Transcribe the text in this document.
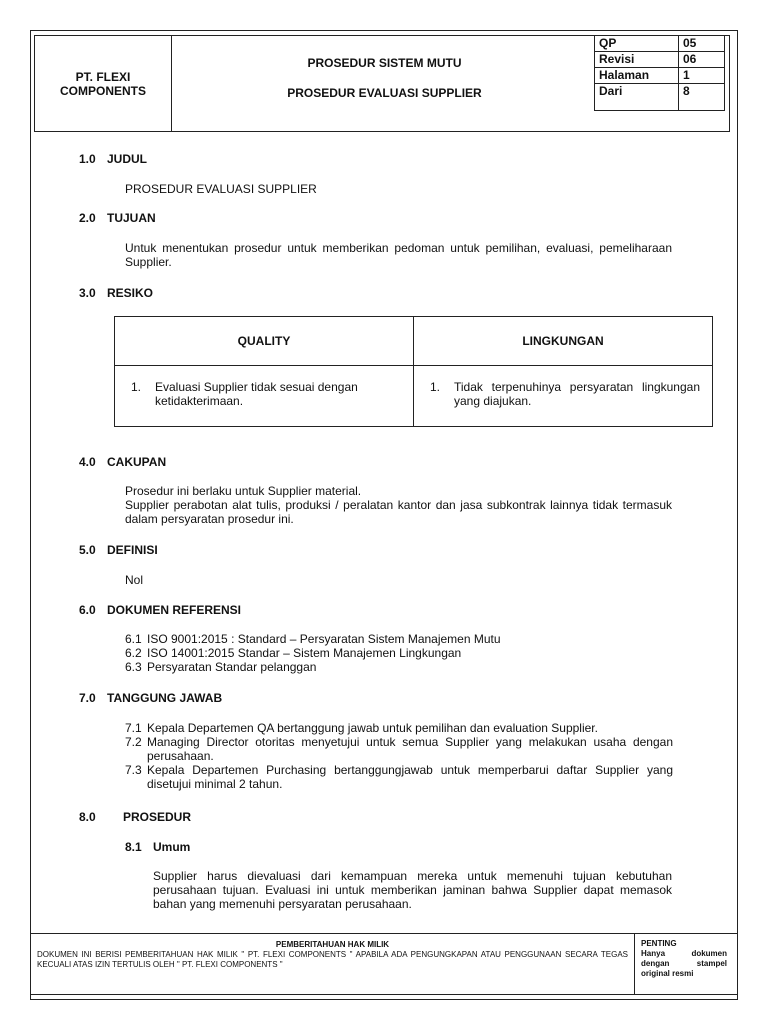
PT. FLEXI
COMPONENTS
PROSEDUR SISTEM MUTU
PROSEDUR EVALUASI SUPPLIER
QP	05
Revisi	06
Halaman	1
Dari	8
1.0 JUDUL
PROSEDUR EVALUASI SUPPLIER
2.0 TUJUAN
Untuk menentukan prosedur untuk memberikan pedoman untuk pemilihan, evaluasi, pemeliharaan Supplier.
3.0 RESIKO
QUALITY	LINGKUNGAN

1. Evaluasi Supplier tidak sesuai dengan ketidakterimaan.	1. Tidak terpenuhinya persyaratan lingkungan yang diajukan.
4.0 CAKUPAN
Prosedur ini berlaku untuk Supplier material.
Supplier perabotan alat tulis, produksi / peralatan kantor dan jasa subkontrak lainnya tidak termasuk dalam persyaratan prosedur ini.
5.0 DEFINISI
Nol
6.0 DOKUMEN REFERENSI
6.1 ISO 9001:2015 : Standard – Persyaratan Sistem Manajemen Mutu
6.2 ISO 14001:2015 Standar – Sistem Manajemen Lingkungan
6.3 Persyaratan Standar pelanggan
7.0 TANGGUNG JAWAB
7.1 Kepala Departemen QA bertanggung jawab untuk pemilihan dan evaluation Supplier.
7.2 Managing Director otoritas menyetujui untuk semua Supplier yang melakukan usaha dengan perusahaan.
7.3 Kepala Departemen Purchasing bertanggungjawab untuk memperbarui daftar Supplier yang disetujui minimal 2 tahun.
8.0 PROSEDUR
8.1 Umum
Supplier harus dievaluasi dari kemampuan mereka untuk memenuhi tujuan kebutuhan perusahaan tujuan. Evaluasi ini untuk memberikan jaminan bahwa Supplier dapat memasok bahan yang memenuhi persyaratan perusahaan.
PEMBERITAHUAN HAK MILIK
DOKUMEN INI BERISI PEMBERITAHUAN HAK MILIK " PT. FLEXI COMPONENTS " APABILA ADA PENGUNGKAPAN ATAU PENGGUNAAN SECARA TEGAS KECUALI ATAS IZIN TERTULIS OLEH " PT. FLEXI COMPONENTS "
PENTING
Hanya dokumen dengan stampel original resmi
